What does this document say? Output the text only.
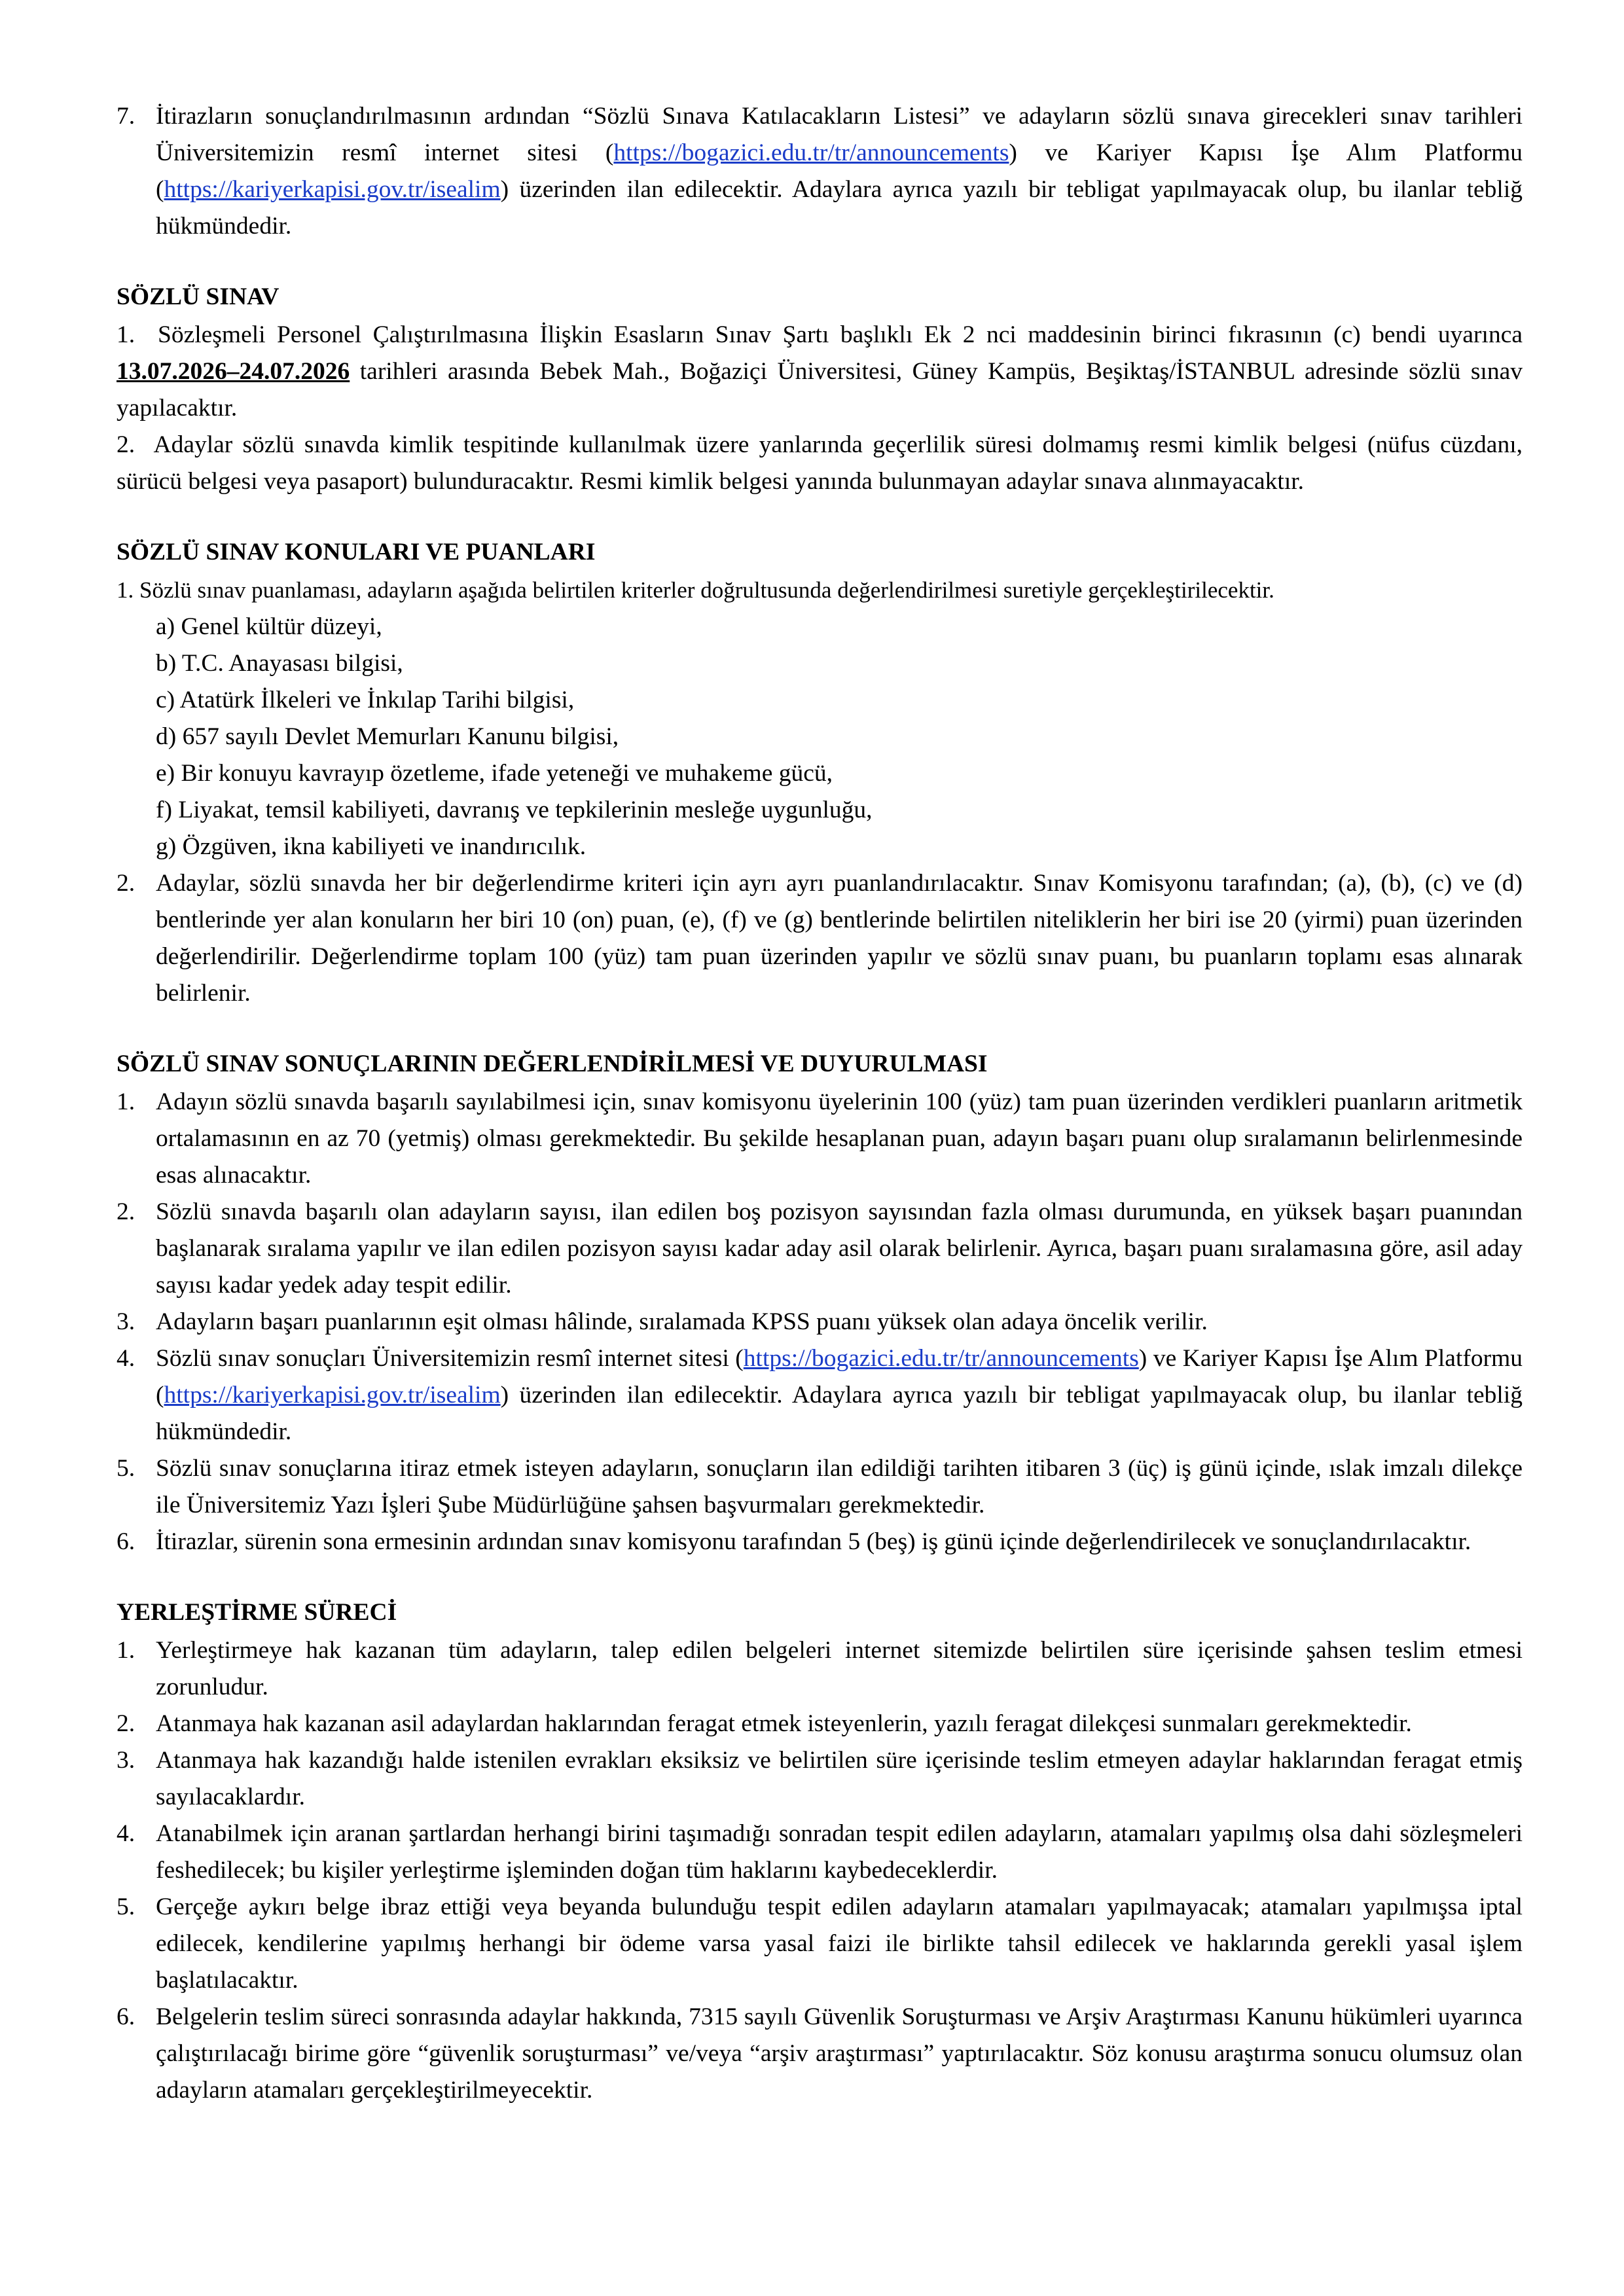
7. İtirazların sonuçlandırılmasının ardından “Sözlü Sınava Katılacakların Listesi” ve adayların sözlü sınava girecekleri sınav tarihleri Üniversitemizin resmî internet sitesi (https://bogazici.edu.tr/tr/announcements) ve Kariyer Kapısı İşe Alım Platformu (https://kariyerkapisi.gov.tr/isealim) üzerinden ilan edilecektir. Adaylara ayrıca yazılı bir tebligat yapılmayacak olup, bu ilanlar tebliğ hükmündedir.
SÖZLÜ SINAV

1. Sözleşmeli Personel Çalıştırılmasına İlişkin Esasların Sınav Şartı başlıklı Ek 2 nci maddesinin birinci fıkrasının (c) bendi uyarınca 13.07.2026–24.07.2026 tarihleri arasında Bebek Mah., Boğaziçi Üniversitesi, Güney Kampüs, Beşiktaş/İSTANBUL adresinde sözlü sınav yapılacaktır.

2. Adaylar sözlü sınavda kimlik tespitinde kullanılmak üzere yanlarında geçerlilik süresi dolmamış resmi kimlik belgesi (nüfus cüzdanı, sürücü belgesi veya pasaport) bulunduracaktır. Resmi kimlik belgesi yanında bulunmayan adaylar sınava alınmayacaktır.

SÖZLÜ SINAV KONULARI VE PUANLARI

1. Sözlü sınav puanlaması, adayların aşağıda belirtilen kriterler doğrultusunda değerlendirilmesi suretiyle gerçekleştirilecektir.

a) Genel kültür düzeyi,
b) T.C. Anayasası bilgisi,
c) Atatürk İlkeleri ve İnkılap Tarihi bilgisi,
d) 657 sayılı Devlet Memurları Kanunu bilgisi,
e) Bir konuyu kavrayıp özetleme, ifade yeteneği ve muhakeme gücü,
f) Liyakat, temsil kabiliyeti, davranış ve tepkilerinin mesleğe uygunluğu,
g) Özgüven, ikna kabiliyeti ve inandırıcılık.
2. Adaylar, sözlü sınavda her bir değerlendirme kriteri için ayrı ayrı puanlandırılacaktır. Sınav Komisyonu tarafından; (a), (b), (c) ve (d) bentlerinde yer alan konuların her biri 10 (on) puan, (e), (f) ve (g) bentlerinde belirtilen niteliklerin her biri ise 20 (yirmi) puan üzerinden değerlendirilir. Değerlendirme toplam 100 (yüz) tam puan üzerinden yapılır ve sözlü sınav puanı, bu puanların toplamı esas alınarak belirlenir.
SÖZLÜ SINAV SONUÇLARININ DEĞERLENDİRİLMESİ VE DUYURULMASI
1. Adayın sözlü sınavda başarılı sayılabilmesi için, sınav komisyonu üyelerinin 100 (yüz) tam puan üzerinden verdikleri puanların aritmetik ortalamasının en az 70 (yetmiş) olması gerekmektedir. Bu şekilde hesaplanan puan, adayın başarı puanı olup sıralamanın belirlenmesinde esas alınacaktır.
2. Sözlü sınavda başarılı olan adayların sayısı, ilan edilen boş pozisyon sayısından fazla olması durumunda, en yüksek başarı puanından başlanarak sıralama yapılır ve ilan edilen pozisyon sayısı kadar aday asil olarak belirlenir. Ayrıca, başarı puanı sıralamasına göre, asil aday sayısı kadar yedek aday tespit edilir.
3. Adayların başarı puanlarının eşit olması hâlinde, sıralamada KPSS puanı yüksek olan adaya öncelik verilir.
4. Sözlü sınav sonuçları Üniversitemizin resmî internet sitesi (https://bogazici.edu.tr/tr/announcements) ve Kariyer Kapısı İşe Alım Platformu (https://kariyerkapisi.gov.tr/isealim) üzerinden ilan edilecektir. Adaylara ayrıca yazılı bir tebligat yapılmayacak olup, bu ilanlar tebliğ hükmündedir.
5. Sözlü sınav sonuçlarına itiraz etmek isteyen adayların, sonuçların ilan edildiği tarihten itibaren 3 (üç) iş günü içinde, ıslak imzalı dilekçe ile Üniversitemiz Yazı İşleri Şube Müdürlüğüne şahsen başvurmaları gerekmektedir.
6. İtirazlar, sürenin sona ermesinin ardından sınav komisyonu tarafından 5 (beş) iş günü içinde değerlendirilecek ve sonuçlandırılacaktır.
YERLEŞTİRME SÜRECİ
1. Yerleştirmeye hak kazanan tüm adayların, talep edilen belgeleri internet sitemizde belirtilen süre içerisinde şahsen teslim etmesi zorunludur.
2. Atanmaya hak kazanan asil adaylardan haklarından feragat etmek isteyenlerin, yazılı feragat dilekçesi sunmaları gerekmektedir.
3. Atanmaya hak kazandığı halde istenilen evrakları eksiksiz ve belirtilen süre içerisinde teslim etmeyen adaylar haklarından feragat etmiş sayılacaklardır.
4. Atanabilmek için aranan şartlardan herhangi birini taşımadığı sonradan tespit edilen adayların, atamaları yapılmış olsa dahi sözleşmeleri feshedilecek; bu kişiler yerleştirme işleminden doğan tüm haklarını kaybedeceklerdir.
5. Gerçeğe aykırı belge ibraz ettiği veya beyanda bulunduğu tespit edilen adayların atamaları yapılmayacak; atamaları yapılmışsa iptal edilecek, kendilerine yapılmış herhangi bir ödeme varsa yasal faizi ile birlikte tahsil edilecek ve haklarında gerekli yasal işlem başlatılacaktır.
6. Belgelerin teslim süreci sonrasında adaylar hakkında, 7315 sayılı Güvenlik Soruşturması ve Arşiv Araştırması Kanunu hükümleri uyarınca çalıştırılacağı birime göre “güvenlik soruşturması” ve/veya “arşiv araştırması” yaptırılacaktır. Söz konusu araştırma sonucu olumsuz olan adayların atamaları gerçekleştirilmeyecektir.
